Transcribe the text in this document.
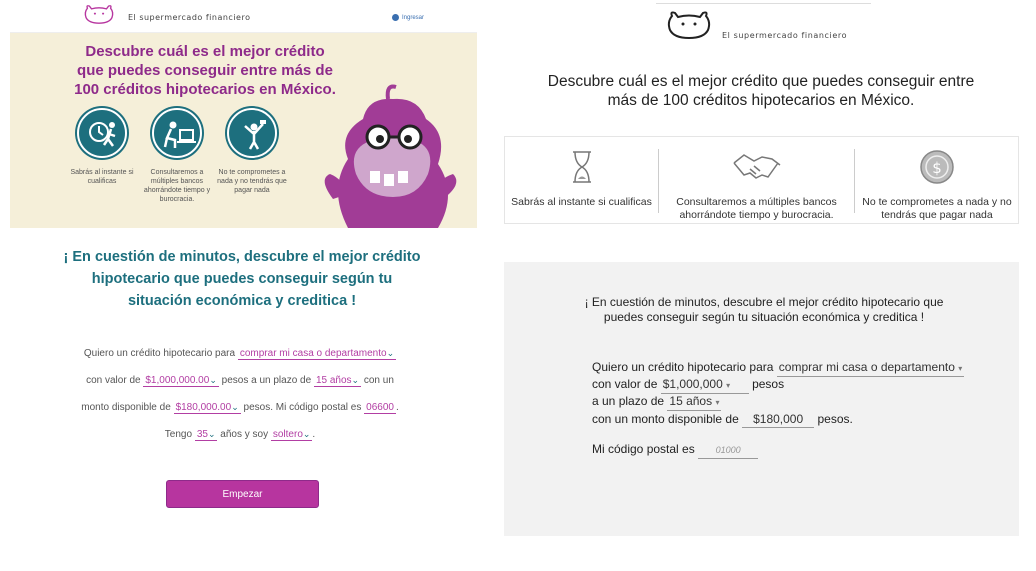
El supermercado financiero	Ingresar
Descubre cuál es el mejor crédito que puedes conseguir entre más de 100 créditos hipotecarios en México.
Sabrás al instante si cualificas
Consultaremos a múltiples bancos ahorrándote tiempo y burocracia.
No te comprometes a nada y no tendrás que pagar nada
¡ En cuestión de minutos, descubre el mejor crédito hipotecario que puedes conseguir según tu situación económica y creditica !
Quiero un crédito hipotecario para comprar mi casa o departamento⌄
con valor de $1,000,000.00⌄ pesos a un plazo de 15 años⌄ con un
monto disponible de $180,000.00⌄ pesos. Mi código postal es 06600 .
Tengo 35⌄ años y soy soltero⌄ .
Empezar
El supermercado financiero
Descubre cuál es el mejor crédito que puedes conseguir entre más de 100 créditos hipotecarios en México.
Sabrás al instante si cualificas	Consultaremos a múltiples bancos ahorrándote tiempo y burocracia.
$
No te comprometes a nada y no tendrás que pagar nada
¡ En cuestión de minutos, descubre el mejor crédito hipotecario que puedes conseguir según tu situación económica y creditica !
Quiero un crédito hipotecario para comprar mi casa o departamento ▾
con valor de $1,000,000 ▾ pesos
a un plazo de 15 años ▾
con un monto disponible de $180,000 pesos.
Mi código postal es 01000
